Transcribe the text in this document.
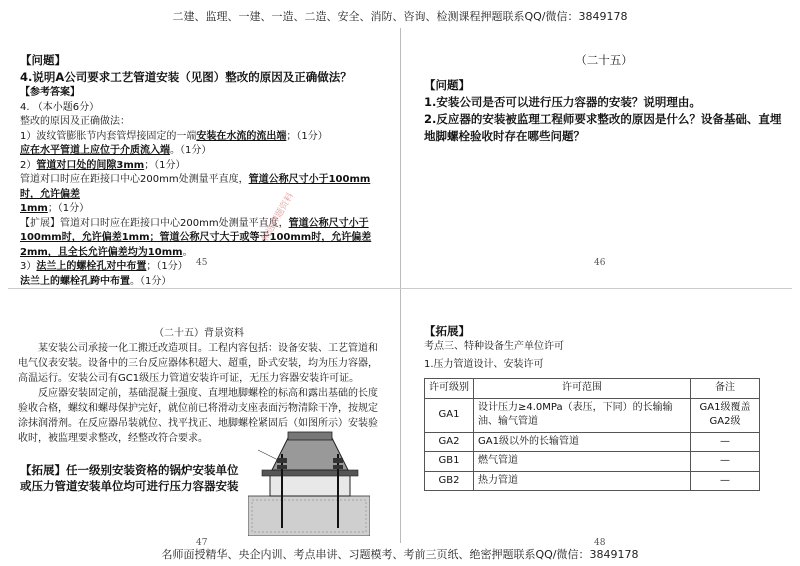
二建、监理、一建、一造、二造、安全、消防、咨询、检测课程押题联系QQ/微信：3849178
【问题】
4.说明A公司要求工艺管道安装（见图）整改的原因及正确做法？
【参考答案】
4. （本小题6分）
整改的原因及正确做法：
1）波纹管膨胀节内套管焊接固定的一端安装在水流的流出端；（1分）
应在水平管道上应位于介质流入端。（1分）
2）管道对口处的间隙3mm；（1分）
管道对口时应在距接口中心200mm处测量平直度，管道公称尺寸小于100mm时，允许偏差
1mm；（1分）
【扩展】管道对口时应在距接口中心200mm处测量平直度，管道公称尺寸小于100mm时，允许偏差1mm；管道公称尺寸大于或等于100mm时，允许偏差2mm，且全长允许偏差均为10mm。
3）法兰上的螺栓孔对中布置；（1分）
法兰上的螺栓孔跨中布置。（1分）
精选押题资料
45
（二十五）
【问题】
1.安装公司是否可以进行压力容器的安装？说明理由。
2.反应器的安装被监理工程师要求整改的原因是什么？设备基础、直埋地脚螺栓验收时存在哪些问题？
46
（二十五）背景资料
某安装公司承接一化工搬迁改造项目。工程内容包括：设备安装、工艺管道和电气仪表安装。设备中的三台反应器体积超大、超重，卧式安装，均为压力容器，高温运行。安装公司有GC1级压力管道安装许可证，无压力容器安装许可证。
反应器安装固定前，基础混凝土强度、直埋地脚螺栓的标高和露出基础的长度验收合格，螺纹和螺母保护完好，就位前已将滑动支座表面污物清除干净，按规定涂抹润滑剂。在反应器吊装就位、找平找正、地脚螺栓紧固后（如图所示）安装验收时，被监理要求整改，经整改符合要求。
【拓展】任一级别安装资格的锅炉安装单位或压力管道安装单位均可进行压力容器安装
47
【拓展】
考点三、特种设备生产单位许可
1.压力管道设计、安装许可
许可级别	许可范围	备注
GA1	设计压力≥4.0MPa（表压，下同）的长输输油、输气管道	GA1级覆盖GA2级
GA2	GA1级以外的长输管道	—
GB1	燃气管道	—
GB2	热力管道	—
48
名师面授精华、央企内训、考点串讲、习题模考、考前三页纸、绝密押题联系QQ/微信：3849178
